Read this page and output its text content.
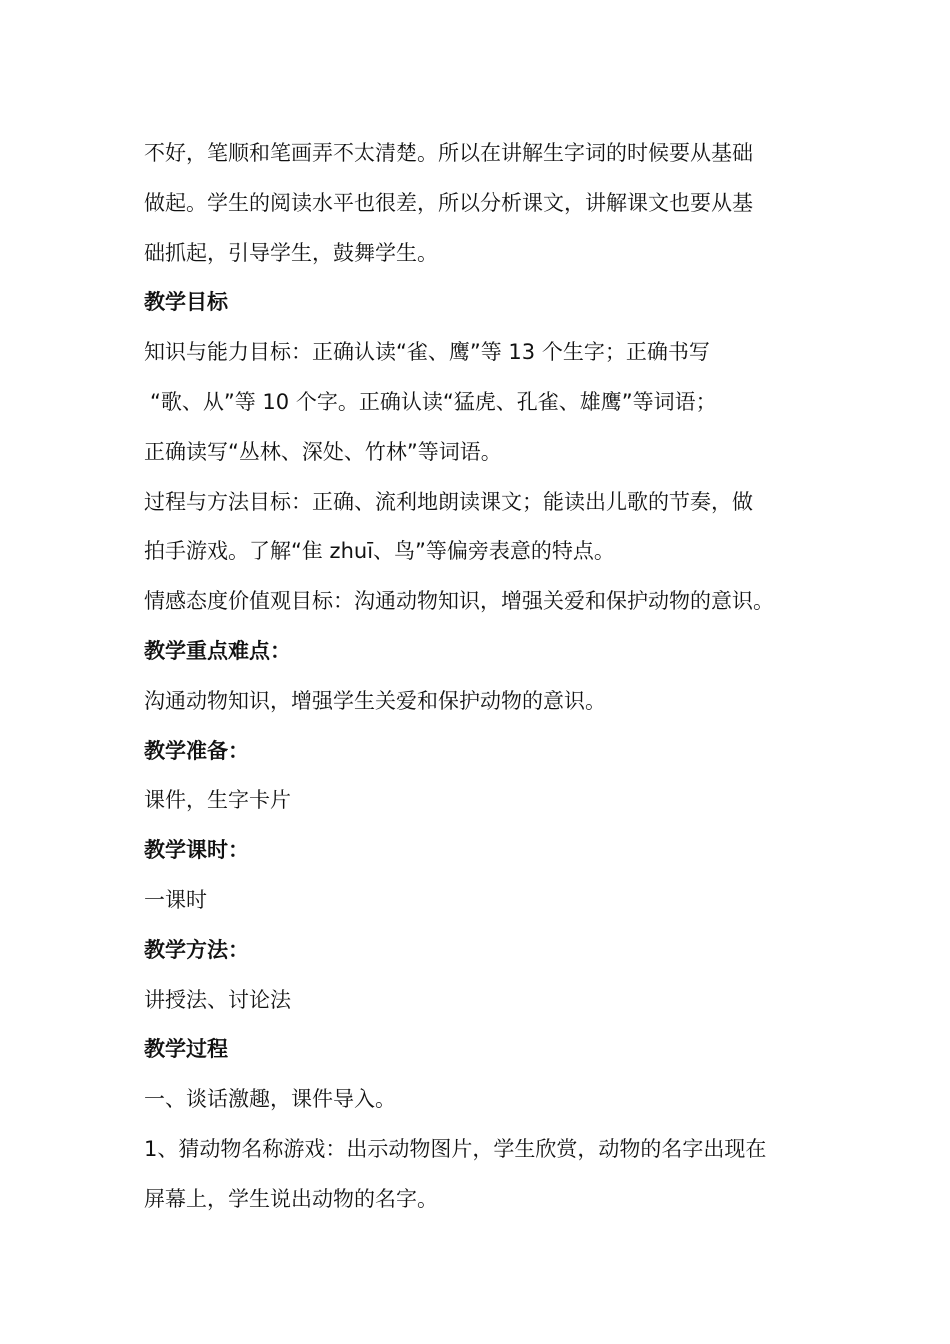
不好，笔顺和笔画弄不太清楚。所以在讲解生字词的时候要从基础
做起。学生的阅读水平也很差，所以分析课文，讲解课文也要从基
础抓起，引导学生，鼓舞学生。
教学目标
知识与能力目标：正确认读“雀、鹰”等 13 个生字；正确书写
“歌、从”等 10 个字。正确认读“猛虎、孔雀、雄鹰”等词语；
正确读写“丛林、深处、竹林”等词语。
过程与方法目标：正确、流利地朗读课文；能读出儿歌的节奏，做
拍手游戏。了解“隹 zhuī、鸟”等偏旁表意的特点。
情感态度价值观目标：沟通动物知识，增强关爱和保护动物的意识。
教学重点难点：
沟通动物知识，增强学生关爱和保护动物的意识。
教学准备：
课件，生字卡片
教学课时：
一课时
教学方法：
讲授法、讨论法
教学过程
一、谈话激趣，课件导入。
1、猜动物名称游戏：出示动物图片，学生欣赏，动物的名字出现在
屏幕上，学生说出动物的名字。
